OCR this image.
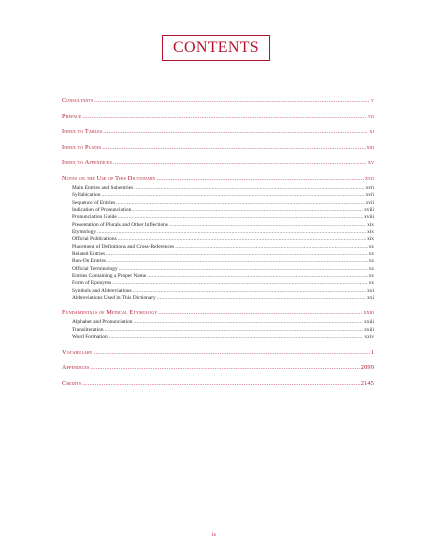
CONTENTS
Consultants .....	v
Preface .....	vii
Index to Tables .....	xi
Index to Plates .....	xiii
Index to Appendices .....	xv
Notes on the Use of This Dictionary .....	xvii
Main Entries and Subentries .....	xvii
Syllabication .....	xvii
Sequence of Entries .....	xvii
Indication of Pronunciation .....	xviii
Pronunciation Guide .....	xviii
Presentation of Plurals and Other Inflections .....	xix
Etymology .....	xix
Official Publications .....	xix
Placement of Definitions and Cross-References .....	xx
Related Entries .....	xx
Run-On Entries .....	xx
Official Terminology .....	xx
Entries Containing a Proper Name .....	xx
Form of Eponyms .....	xx
Symbols and Abbreviations .....	xxi
Abbreviations Used in This Dictionary .....	xxi
Fundamentals of Medical Etymology .....	xxiii
Alphabet and Pronunciation .....	xxiii
Transliteration .....	xxiii
Word Formation .....	xxiv
Vocabulary .....	1
Appendices .....	2099
Credits .....	2145
ix
